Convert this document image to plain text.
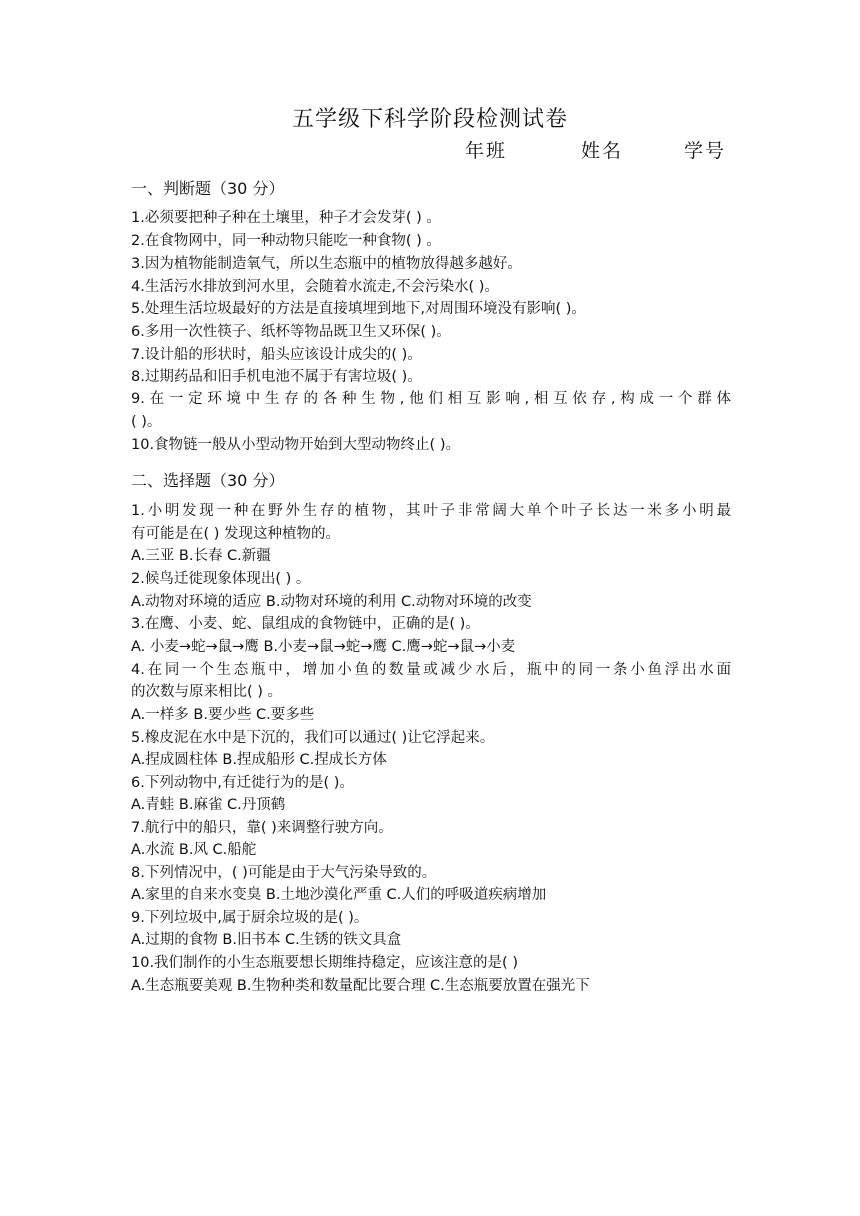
五学级下科学阶段检测试卷
年班	姓名	学号
一、判断题（30 分）
1.必须要把种子种在土壤里，种子才会发芽( ) 。
2.在食物网中，同一种动物只能吃一种食物( ) 。
3.因为植物能制造氧气，所以生态瓶中的植物放得越多越好。
4.生活污水排放到河水里，会随着水流走,不会污染水( )。
5.处理生活垃圾最好的方法是直接填埋到地下,对周围环境没有影响( )。
6.多用一次性筷子、纸杯等物品既卫生又环保( )。
7.设计船的形状时，船头应该设计成尖的( )。
8.过期药品和旧手机电池不属于有害垃圾( )。
9.在一定环境中生存的各种生物,他们相互影响,相互依存,构成一个群体
( )。
10.食物链一般从小型动物开始到大型动物终止( )。
二、选择题（30 分）
1.小明发现一种在野外生存的植物，其叶子非常阔大单个叶子长达一米多小明最
有可能是在( ) 发现这种植物的。
A.三亚 B.长春 C.新疆
2.候鸟迁徙现象体现出( ) 。
A.动物对环境的适应 B.动物对环境的利用 C.动物对环境的改变
3.在鹰、小麦、蛇、鼠组成的食物链中，正确的是( )。
A. 小麦→蛇→鼠→鹰 B.小麦→鼠→蛇→鹰 C.鹰→蛇→鼠→小麦
4.在同一个生态瓶中，增加小鱼的数量或减少水后，瓶中的同一条小鱼浮出水面
的次数与原来相比( ) 。
A.一样多 B.要少些 C.要多些
5.橡皮泥在水中是下沉的，我们可以通过( )让它浮起来。
A.捏成圆柱体 B.捏成船形 C.捏成长方体
6.下列动物中,有迁徙行为的是( )。
A.青蛙 B.麻雀 C.丹顶鹤
7.航行中的船只，靠( )来调整行驶方向。
A.水流 B.风 C.船舵
8.下列情况中，( )可能是由于大气污染导致的。
A.家里的自来水变臭 B.土地沙漠化严重 C.人们的呼吸道疾病增加
9.下列垃圾中,属于厨余垃圾的是( )。
A.过期的食物 B.旧书本 C.生锈的铁文具盒
10.我们制作的小生态瓶要想长期维持稳定，应该注意的是( )
A.生态瓶要美观 B.生物种类和数量配比要合理 C.生态瓶要放置在强光下
